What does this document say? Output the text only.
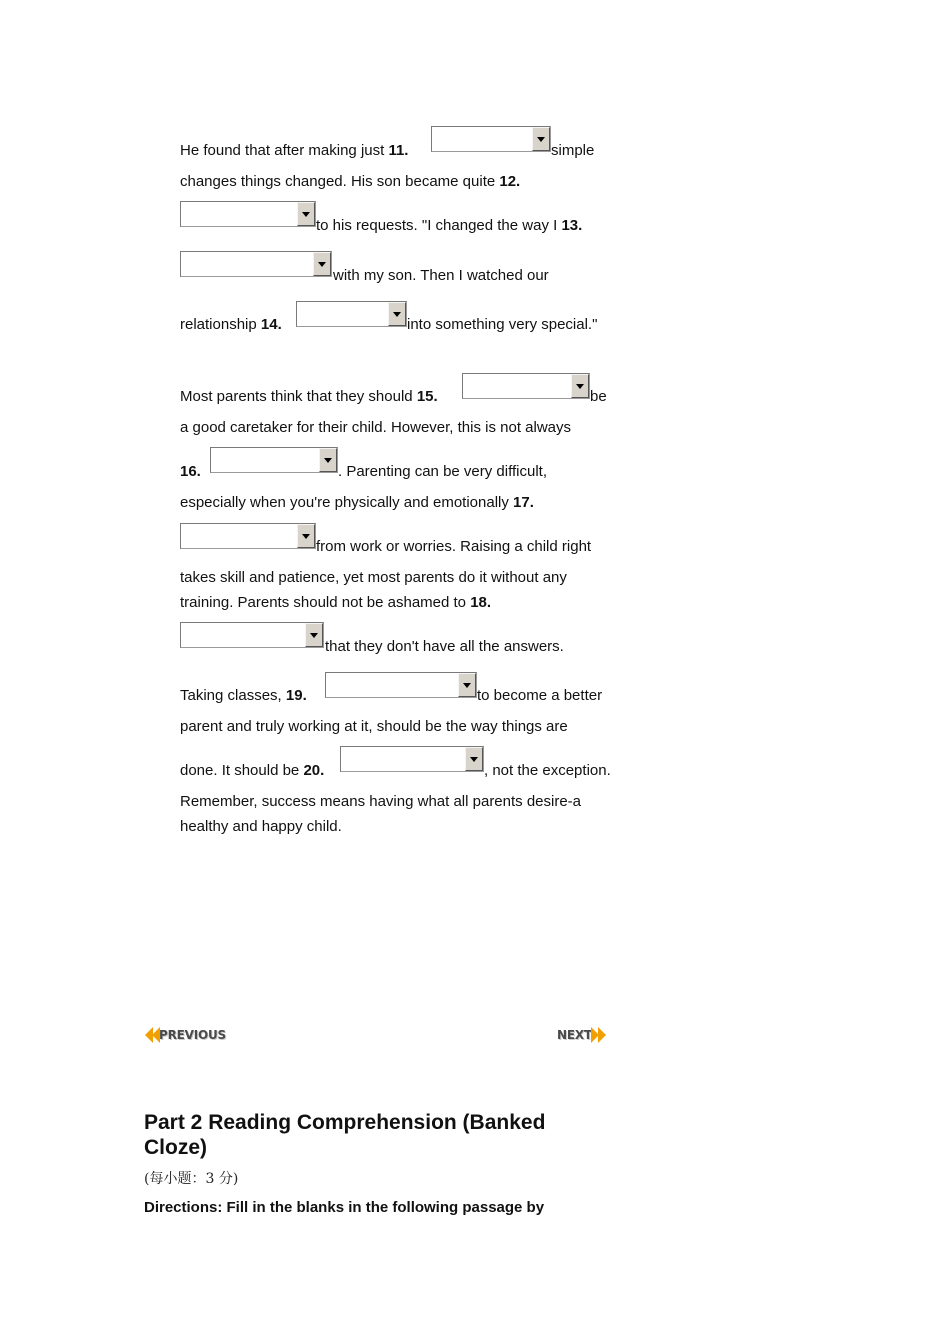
He found that after making just 11.	simple
changes things changed. His son became quite 12.
to his requests. "I changed the way I 13.
with my son. Then I watched our
relationship 14.	into something very special."
Most parents think that they should 15.	be
a good caretaker for their child. However, this is not always
16.	. Parenting can be very difficult,
especially when you're physically and emotionally 17.
from work or worries. Raising a child right
takes skill and patience, yet most parents do it without any
training. Parents should not be ashamed to 18.
that they don't have all the answers.
Taking classes, 19.	to become a better
parent and truly working at it, should be the way things are
done. It should be 20.	, not the exception.
Remember, success means having what all parents desire-a
healthy and happy child.
PREVIOUS	NEXT
Part 2 Reading Comprehension (Banked Cloze)
(每小题：3 分)
Directions: Fill in the blanks in the following passage by
